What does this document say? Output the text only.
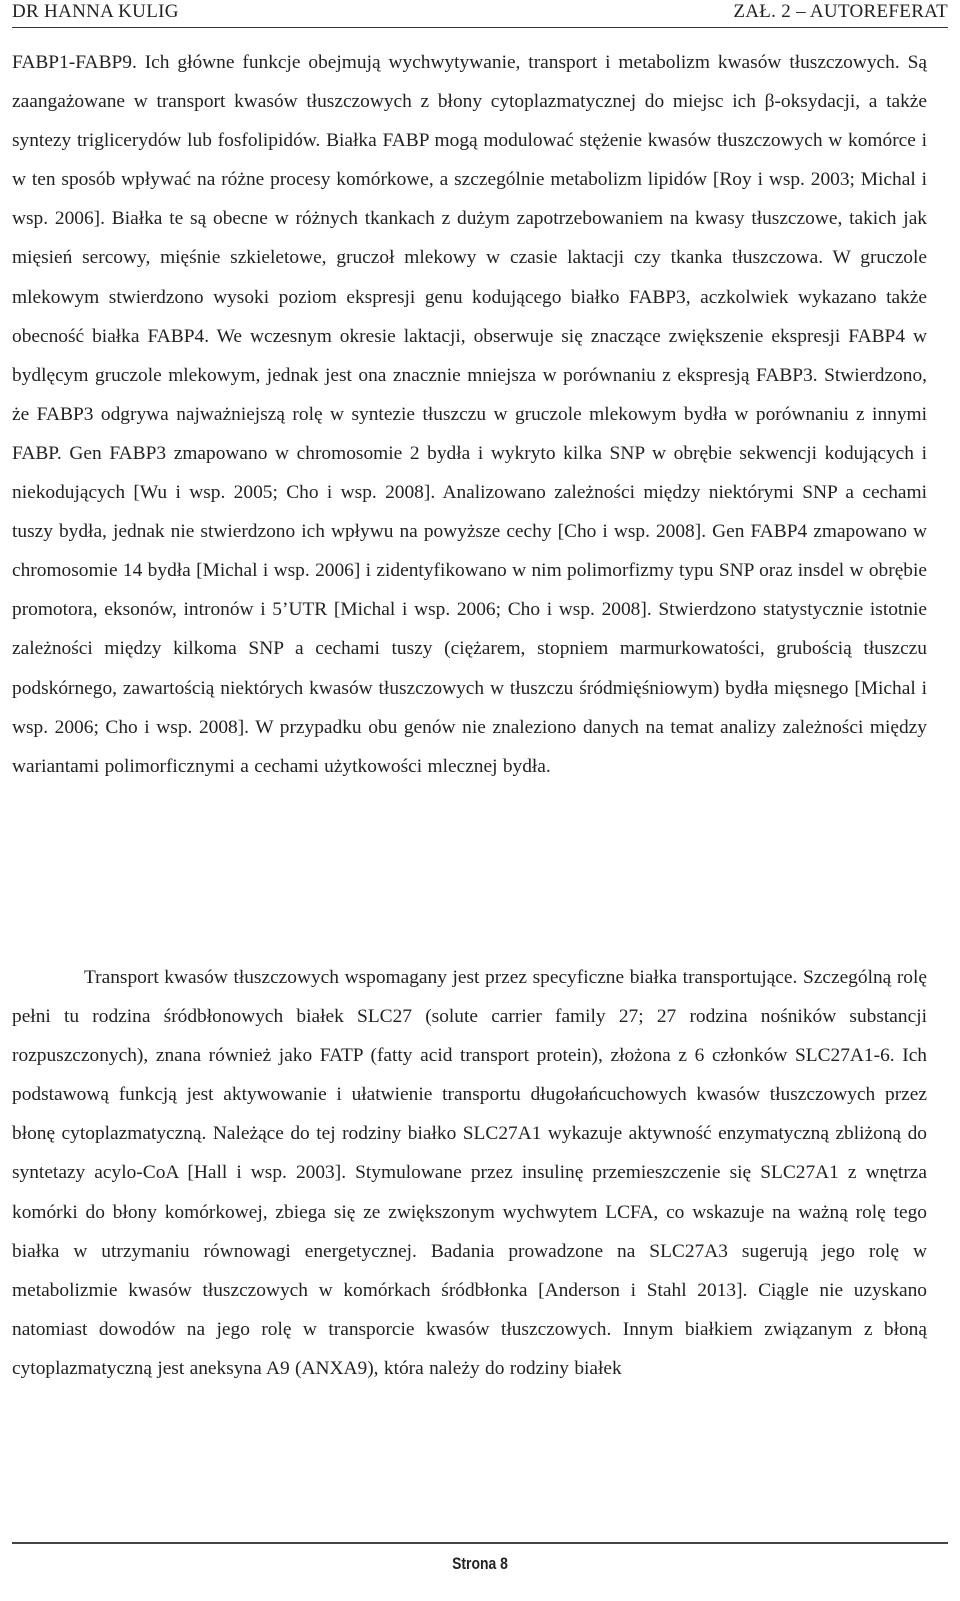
DR HANNA KULIG	ZAŁ. 2 – AUTOREFERAT

FABP1-FABP9. Ich główne funkcje obejmują wychwytywanie, transport i metabolizm kwasów tłuszczowych. Są zaangażowane w transport kwasów tłuszczowych z błony cytoplazmatycznej do miejsc ich β-oksydacji, a także syntezy triglicerydów lub fosfolipidów. Białka FABP mogą modulować stężenie kwasów tłuszczowych w komórce i w ten sposób wpływać na różne procesy komórkowe, a szczególnie metabolizm lipidów [Roy i wsp. 2003; Michal i wsp. 2006]. Białka te są obecne w różnych tkankach z dużym zapotrzebowaniem na kwasy tłuszczowe, takich jak mięsień sercowy, mięśnie szkieletowe, gruczoł mlekowy w czasie laktacji czy tkanka tłuszczowa. W gruczole mlekowym stwierdzono wysoki poziom ekspresji genu kodującego białko FABP3, aczkolwiek wykazano także obecność białka FABP4. We wczesnym okresie laktacji, obserwuje się znaczące zwiększenie ekspresji FABP4 w bydlęcym gruczole mlekowym, jednak jest ona znacznie mniejsza w porównaniu z ekspresją FABP3. Stwierdzono, że FABP3 odgrywa najważniejszą rolę w syntezie tłuszczu w gruczole mlekowym bydła w porównaniu z innymi FABP. Gen FABP3 zmapowano w chromosomie 2 bydła i wykryto kilka SNP w obrębie sekwencji kodujących i niekodujących [Wu i wsp. 2005; Cho i wsp. 2008]. Analizowano zależności między niektórymi SNP a cechami tuszy bydła, jednak nie stwierdzono ich wpływu na powyższe cechy [Cho i wsp. 2008]. Gen FABP4 zmapowano w chromosomie 14 bydła [Michal i wsp. 2006] i zidentyfikowano w nim polimorfizmy typu SNP oraz insdel w obrębie promotora, eksonów, intronów i 5’UTR [Michal i wsp. 2006; Cho i wsp. 2008]. Stwierdzono statystycznie istotnie zależności między kilkoma SNP a cechami tuszy (ciężarem, stopniem marmurkowatości, grubością tłuszczu podskórnego, zawartością niektórych kwasów tłuszczowych w tłuszczu śródmięśniowym) bydła mięsnego [Michal i wsp. 2006; Cho i wsp. 2008]. W przypadku obu genów nie znaleziono danych na temat analizy zależności między wariantami polimorficznymi a cechami użytkowości mlecznej bydła.

Transport kwasów tłuszczowych wspomagany jest przez specyficzne białka transportujące. Szczególną rolę pełni tu rodzina śródbłonowych białek SLC27 (solute carrier family 27; 27 rodzina nośników substancji rozpuszczonych), znana również jako FATP (fatty acid transport protein), złożona z 6 członków SLC27A1-6. Ich podstawową funkcją jest aktywowanie i ułatwienie transportu długołańcuchowych kwasów tłuszczowych przez błonę cytoplazmatyczną. Należące do tej rodziny białko SLC27A1 wykazuje aktywność enzymatyczną zbliżoną do syntetazy acylo-CoA [Hall i wsp. 2003]. Stymulowane przez insulinę przemieszczenie się SLC27A1 z wnętrza komórki do błony komórkowej, zbiega się ze zwiększonym wychwytem LCFA, co wskazuje na ważną rolę tego białka w utrzymaniu równowagi energetycznej. Badania prowadzone na SLC27A3 sugerują jego rolę w metabolizmie kwasów tłuszczowych w komórkach śródbłonka [Anderson i Stahl 2013]. Ciągle nie uzyskano natomiast dowodów na jego rolę w transporcie kwasów tłuszczowych. Innym białkiem związanym z błoną cytoplazmatyczną jest aneksyna A9 (ANXA9), która należy do rodziny białek

Strona 8
